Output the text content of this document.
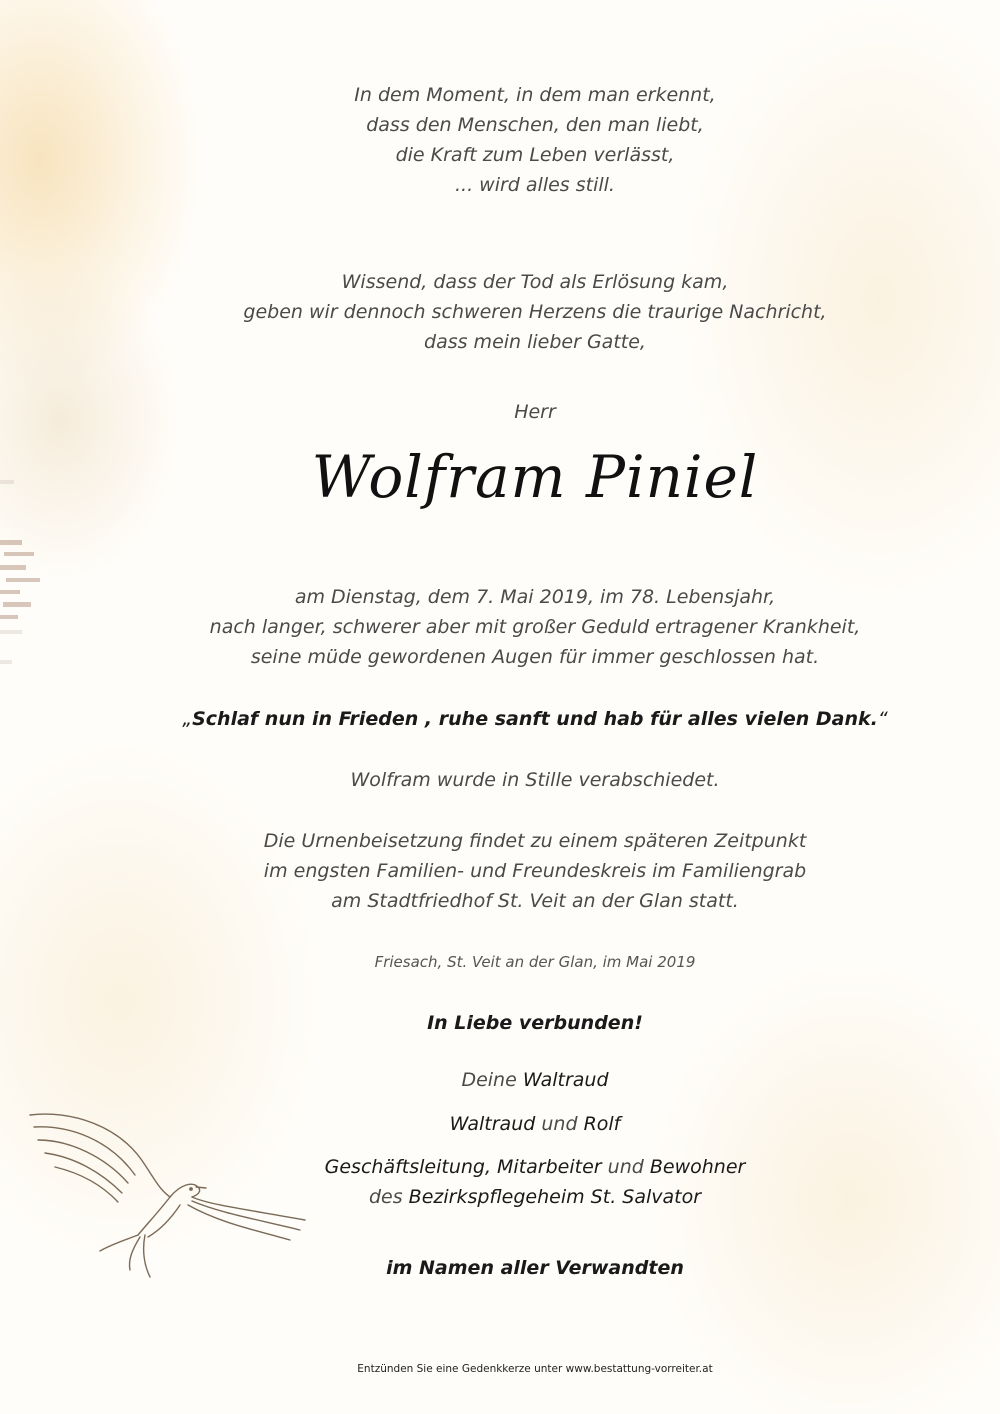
In dem Moment, in dem man erkennt,
dass den Menschen, den man liebt,
die Kraft zum Leben verlässt,
... wird alles still.
Wissend, dass der Tod als Erlösung kam,
geben wir dennoch schweren Herzens die traurige Nachricht,
dass mein lieber Gatte,
Herr
Wolfram Piniel
am Dienstag, dem 7. Mai 2019, im 78. Lebensjahr,
nach langer, schwerer aber mit großer Geduld ertragener Krankheit,
seine müde gewordenen Augen für immer geschlossen hat.
„Schlaf nun in Frieden , ruhe sanft und hab für alles vielen Dank.“
Wolfram wurde in Stille verabschiedet.
Die Urnenbeisetzung findet zu einem späteren Zeitpunkt
im engsten Familien- und Freundeskreis im Familiengrab
am Stadtfriedhof St. Veit an der Glan statt.
Friesach, St. Veit an der Glan, im Mai 2019
In Liebe verbunden!
Deine Waltraud
Waltraud und Rolf
Geschäftsleitung, Mitarbeiter und Bewohner
des Bezirkspflegeheim St. Salvator
im Namen aller Verwandten
Entzünden Sie eine Gedenkkerze unter www.bestattung-vorreiter.at
